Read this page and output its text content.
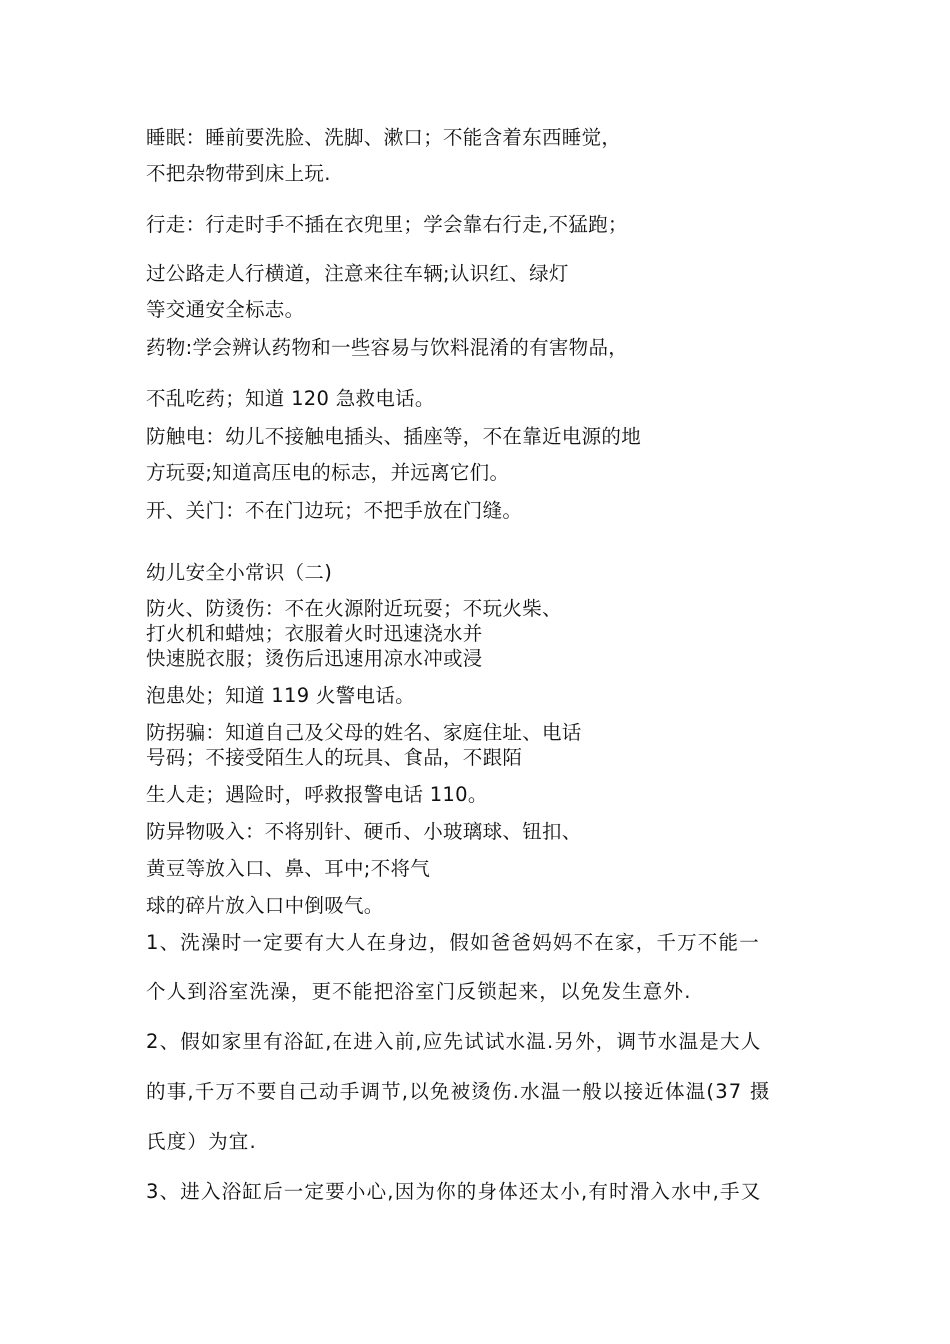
睡眠：睡前要洗脸、洗脚、漱口；不能含着东西睡觉，
不把杂物带到床上玩.
行走：行走时手不插在衣兜里；学会靠右行走,不猛跑；
过公路走人行横道，注意来往车辆;认识红、绿灯
等交通安全标志。
药物:学会辨认药物和一些容易与饮料混淆的有害物品，
不乱吃药；知道 120 急救电话。
防触电：幼儿不接触电插头、插座等，不在靠近电源的地
方玩耍;知道高压电的标志，并远离它们。
开、关门：不在门边玩；不把手放在门缝。
幼儿安全小常识（二)
防火、防烫伤：不在火源附近玩耍；不玩火柴、
打火机和蜡烛；衣服着火时迅速浇水并
快速脱衣服；烫伤后迅速用凉水冲或浸
泡患处；知道 119 火警电话。
防拐骗：知道自己及父母的姓名、家庭住址、电话
号码；不接受陌生人的玩具、食品，不跟陌
生人走；遇险时，呼救报警电话 110。
防异物吸入：不将别针、硬币、小玻璃球、钮扣、
黄豆等放入口、鼻、耳中;不将气
球的碎片放入口中倒吸气。
1、洗澡时一定要有大人在身边，假如爸爸妈妈不在家，千万不能一
个人到浴室洗澡，更不能把浴室门反锁起来，以免发生意外.
2、假如家里有浴缸,在进入前,应先试试水温.另外，调节水温是大人
的事,千万不要自己动手调节,以免被烫伤.水温一般以接近体温(37 摄
氏度）为宜.
3、进入浴缸后一定要小心,因为你的身体还太小,有时滑入水中,手又
